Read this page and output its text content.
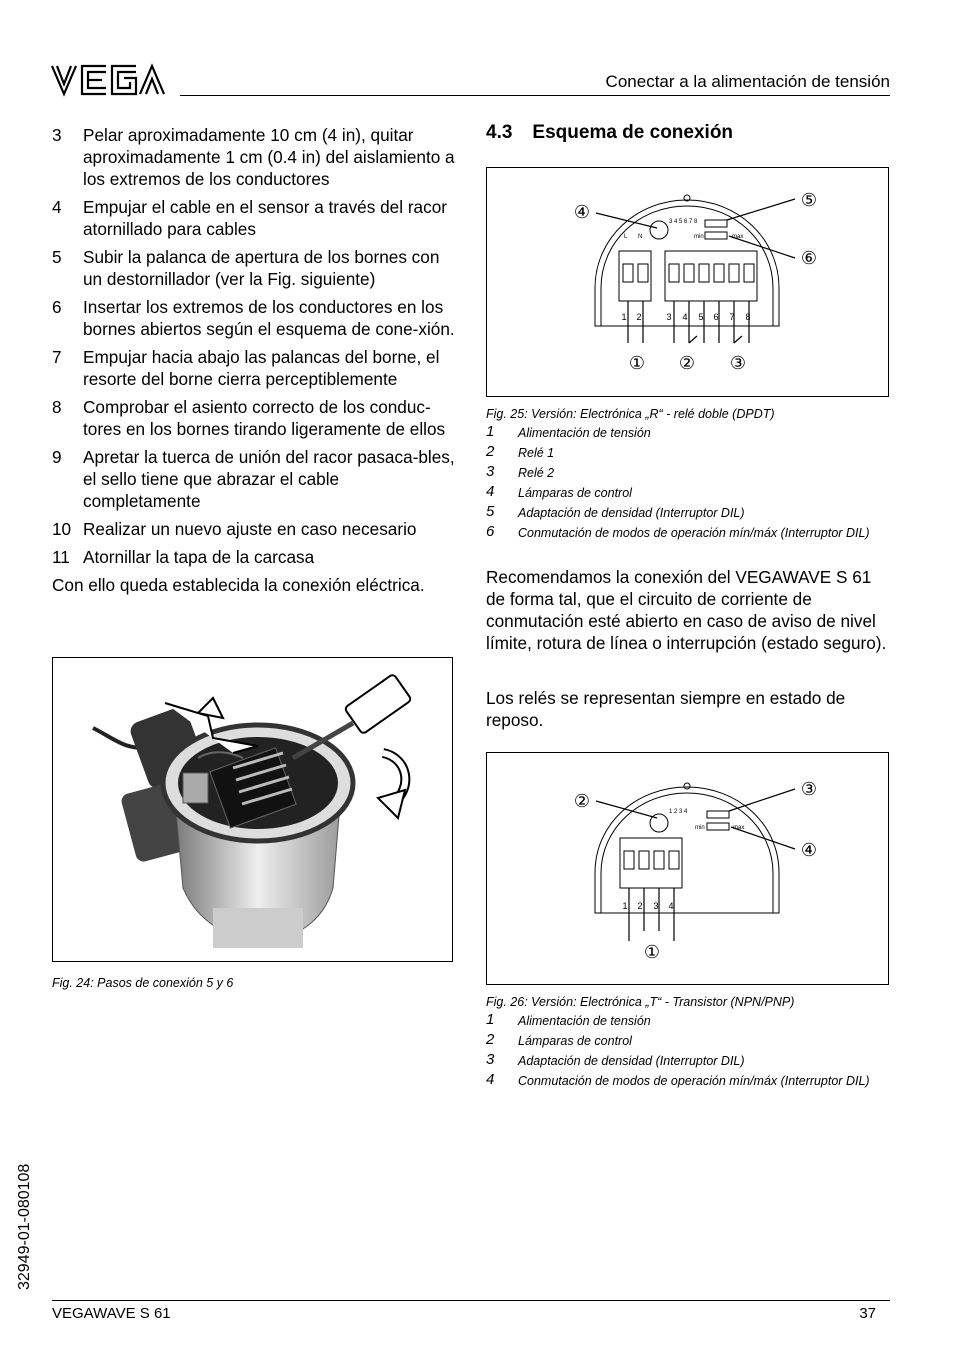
VEGA
Conectar a la alimentación de tensión
3	Pelar aproximadamente 10 cm (4 in), quitar aproximadamente 1 cm (0.4 in) del aislamiento a los extremos de los conductores
4	Empujar el cable en el sensor a través del racor atornillado para cables
5	Subir la palanca de apertura de los bornes con un destornillador (ver la Fig. siguiente)
6	Insertar los extremos de los conductores en los bornes abiertos según el esquema de cone-xión.
7	Empujar hacia abajo las palancas del borne, el resorte del borne cierra perceptiblemente
8	Comprobar el asiento correcto de los conduc-tores en los bornes tirando ligeramente de ellos
9	Apretar la tuerca de unión del racor pasaca-bles, el sello tiene que abrazar el cable completamente
10 Realizar un nuevo ajuste en caso necesario
11 Atornillar la tapa de la carcasa
Con ello queda establecida la conexión eléctrica.
Fig. 24: Pasos de conexión 5 y 6
4.3 Esquema de conexión
1 2	3 4 5 6 7 8
3 4 5 6 7 8
min	max
L N
① ② ③
④
⑤
⑥
Fig. 25: Versión: Electrónica „R“ - relé doble (DPDT)
1	Alimentación de tensión
2	Relé 1
3	Relé 2
4	Lámparas de control
5	Adaptación de densidad (Interruptor DIL)
6	Conmutación de modos de operación mín/máx (Interruptor DIL)
Recomendamos la conexión del VEGAWAVE S 61 de forma tal, que el circuito de corriente de conmutación esté abierto en caso de aviso de nivel límite, rotura de línea o interrupción (estado seguro).
Los relés se representan siempre en estado de reposo.
1 2 3 4
1 2 3 4
min	max
①
②
③
④
Fig. 26: Versión: Electrónica „T“ - Transistor (NPN/PNP)
1	Alimentación de tensión
2	Lámparas de control
3	Adaptación de densidad (Interruptor DIL)
4	Conmutación de modos de operación mín/máx (Interruptor DIL)
32949-01-080108
VEGAWAVE S 61	37
